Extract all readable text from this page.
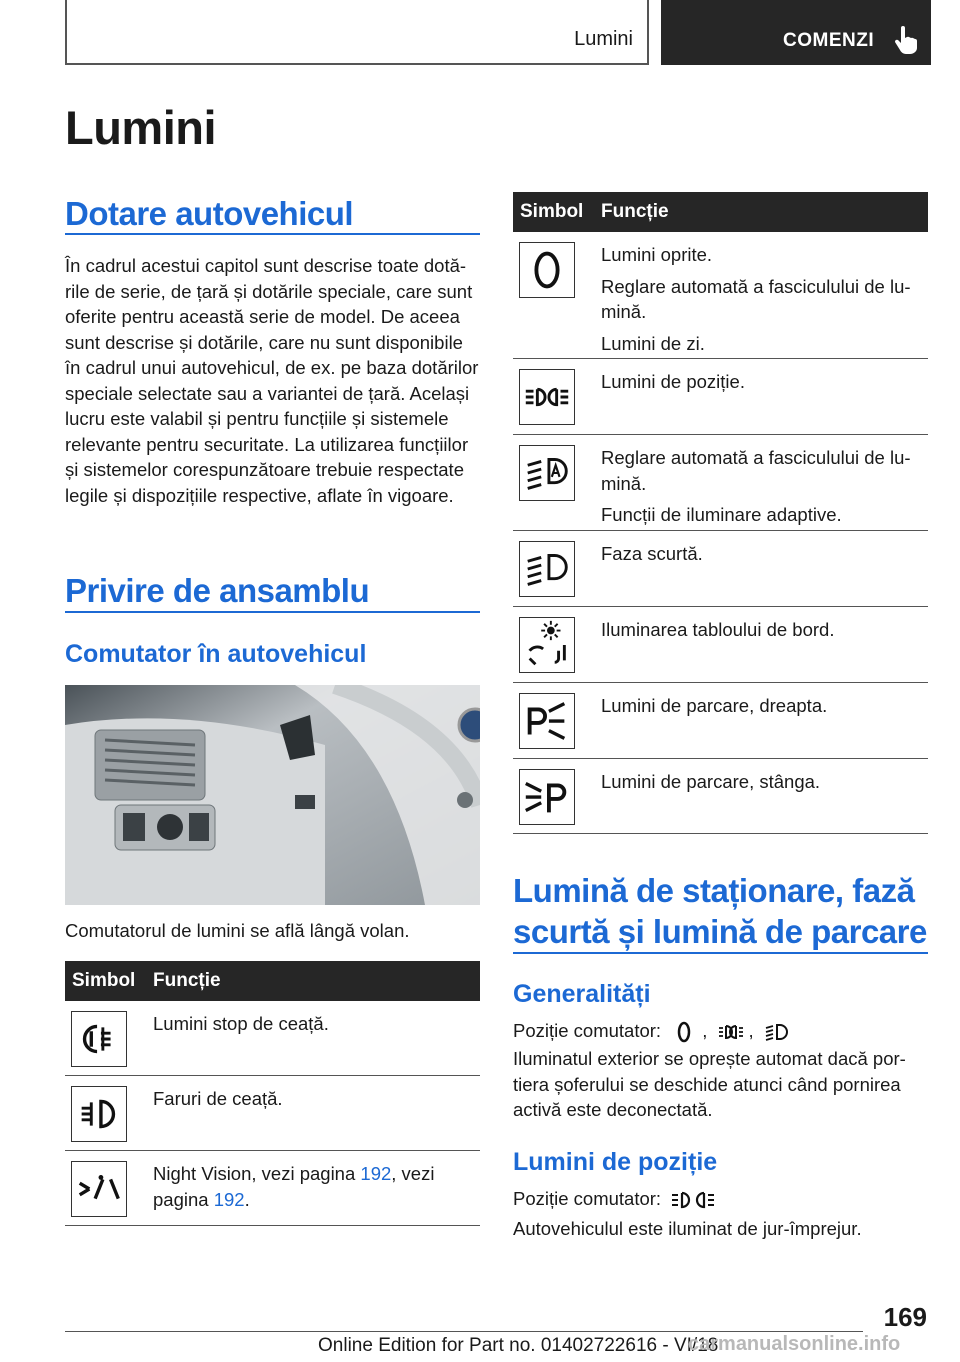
Lumini	COMENZI
Lumini
Dotare autovehicul

În cadrul acestui capitol sunt descrise toate dotările de serie, de țară și dotările speciale, care sunt oferite pentru această serie de model. De aceea sunt descrise și dotările, care nu sunt disponibile în cadrul unui autovehicul, de ex. pe baza dotărilor speciale selectate sau a variantei de țară. Același lucru este valabil și pentru funcțiile și sistemele relevante pentru securitate. La utilizarea funcțiilor și sistemelor corespunzătoare trebuie respectate legile și dispozițiile respective, aflate în vigoare.

Privire de ansamblu
Comutator în autovehicul
Comutatorul de lumini se află lângă volan.
Simbol Funcție

Lumini stop de ceață.

Faruri de ceață.

Night Vision, vezi pagina 192, vezi pagina 192.

Simbol Funcție

Lumini oprite.

Reglare automată a fasciculului de lumină.

Lumini de zi.

Lumini de poziție.

Reglare automată a fasciculului de lumină.

Funcții de iluminare adaptive.

Faza scurtă.

Iluminarea tabloului de bord.

Lumini de parcare, dreapta.

Lumini de parcare, stânga.

Lumină de staționare, fază scurtă și lumină de parcare
Generalități
Poziție comutator: , ,

Iluminatul exterior se oprește automat dacă portiera șoferului se deschide atunci când pornirea activă este deconectată.

Lumini de poziție
Poziție comutator:

Autovehiculul este iluminat de jur-împrejur.

169
Online Edition for Part no. 01402722616 - VI/18
carmanualsonline.info
